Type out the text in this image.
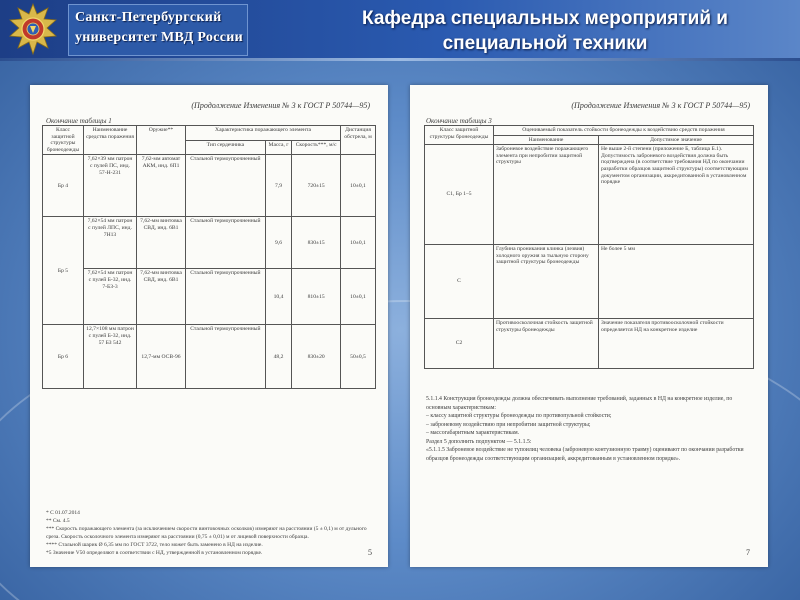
Санкт-Петербургский
университет МВД России
Кафедра специальных мероприятий и
специальной техники
(Продолжение Изменения № 3 к ГОСТ Р 50744—95)
Окончание таблицы 1
Класс защитной структуры бронеодежды	Наименование средства поражения	Оружие**	Характеристика поражающего элемента			Дистанция обстрела, м
			Тип сердечника	Масса, г	Скорость***, м/с	
Бр 4	7,62×39 мм патрон с пулей ПС, инд. 57-Н-231	7,62-мм автомат АКМ, инд. 6П1	Стальной термоупрочненный	7,9	720±15	10±0,1
Бр 5	7,62×54 мм патрон с пулей ЛПС, инд. 7Н13	7,62-мм винтовка СВД, инд. 6В1	Стальной термоупрочненный	9,6	830±15	10±0,1
	7,62×54 мм патрон с пулей Б-32, инд. 7-БЗ-3	7,62-мм винтовка СВД, инд. 6В1	Стальной термоупрочненный	10,4	810±15	10±0,1
Бр 6	12,7×108 мм патрон с пулей Б-32, инд. 57 БЗ 542	12,7-мм ОСВ-96	Стальной термоупрочненный	48,2	830±20	50±0,5
* С 01.07.2014
** См. 4.5
*** Скорость поражающего элемента (за исключением скорости винтовочных осколков) измеряют на расстоянии (5 ± 0,1) м от дульного среза. Скорость осколочного элемента измеряют на расстоянии (0,75 ± 0,01) м от лицевой поверхности образца.
**** Стальной шарик Ø 6,35 мм по ГОСТ 3722, тело может быть заменено в НД на изделие.
*5 Значение V50 определяют в соответствии с НД, утвержденной в установленном порядке.	5
(Продолжение Изменения № 3 к ГОСТ Р 50744—95)
Окончание таблицы 3
Класс защитной структуры бронеодежды	Оцениваемый показатель стойкости бронеодежды к воздействию средств поражения	
	Наименование	Допустимое значение
С1, Бр 1–5	Заброневое воздействие поражающего элемента при непробитии защитной структуры	Не выше 2-й степени (приложение Б, таблица Б.1). Допустимость заброневого воздействия должна быть подтверждена (в соответствие требования НД по окончании разработки образцов защитной структуры) соответствующим документом организации, аккредитованной в установленном порядке
С	Глубина проникания клинка (лезвия) холодного оружия за тыльную сторону защитной структуры бронеодежды	Не более 5 мм
С2	Противоосколочная стойкость защитной структуры бронеодежды	Значение показателя противоосколочной стойкости определяется НД на конкретное изделие
5.1.1.4 Конструкция бронеодежды должна обеспечивать выполнение требований, заданных в НД на конкретное изделие, по основным характеристикам:
– классу защитной структуры бронеодежды по противопульной стойкости;
– заброневому воздействию при непробитии защитной структуры;
– массогабаритным характеристикам.
Раздел 5 дополнить подпунктом — 5.1.1.5:
«5.1.1.5 Заброневое воздействие не тупоилиц человека (заброневую контузионную травму) оценивают по окончании разработки образцов бронеодежды соответствующим организацией, аккредитованным в установленном порядке».
7
